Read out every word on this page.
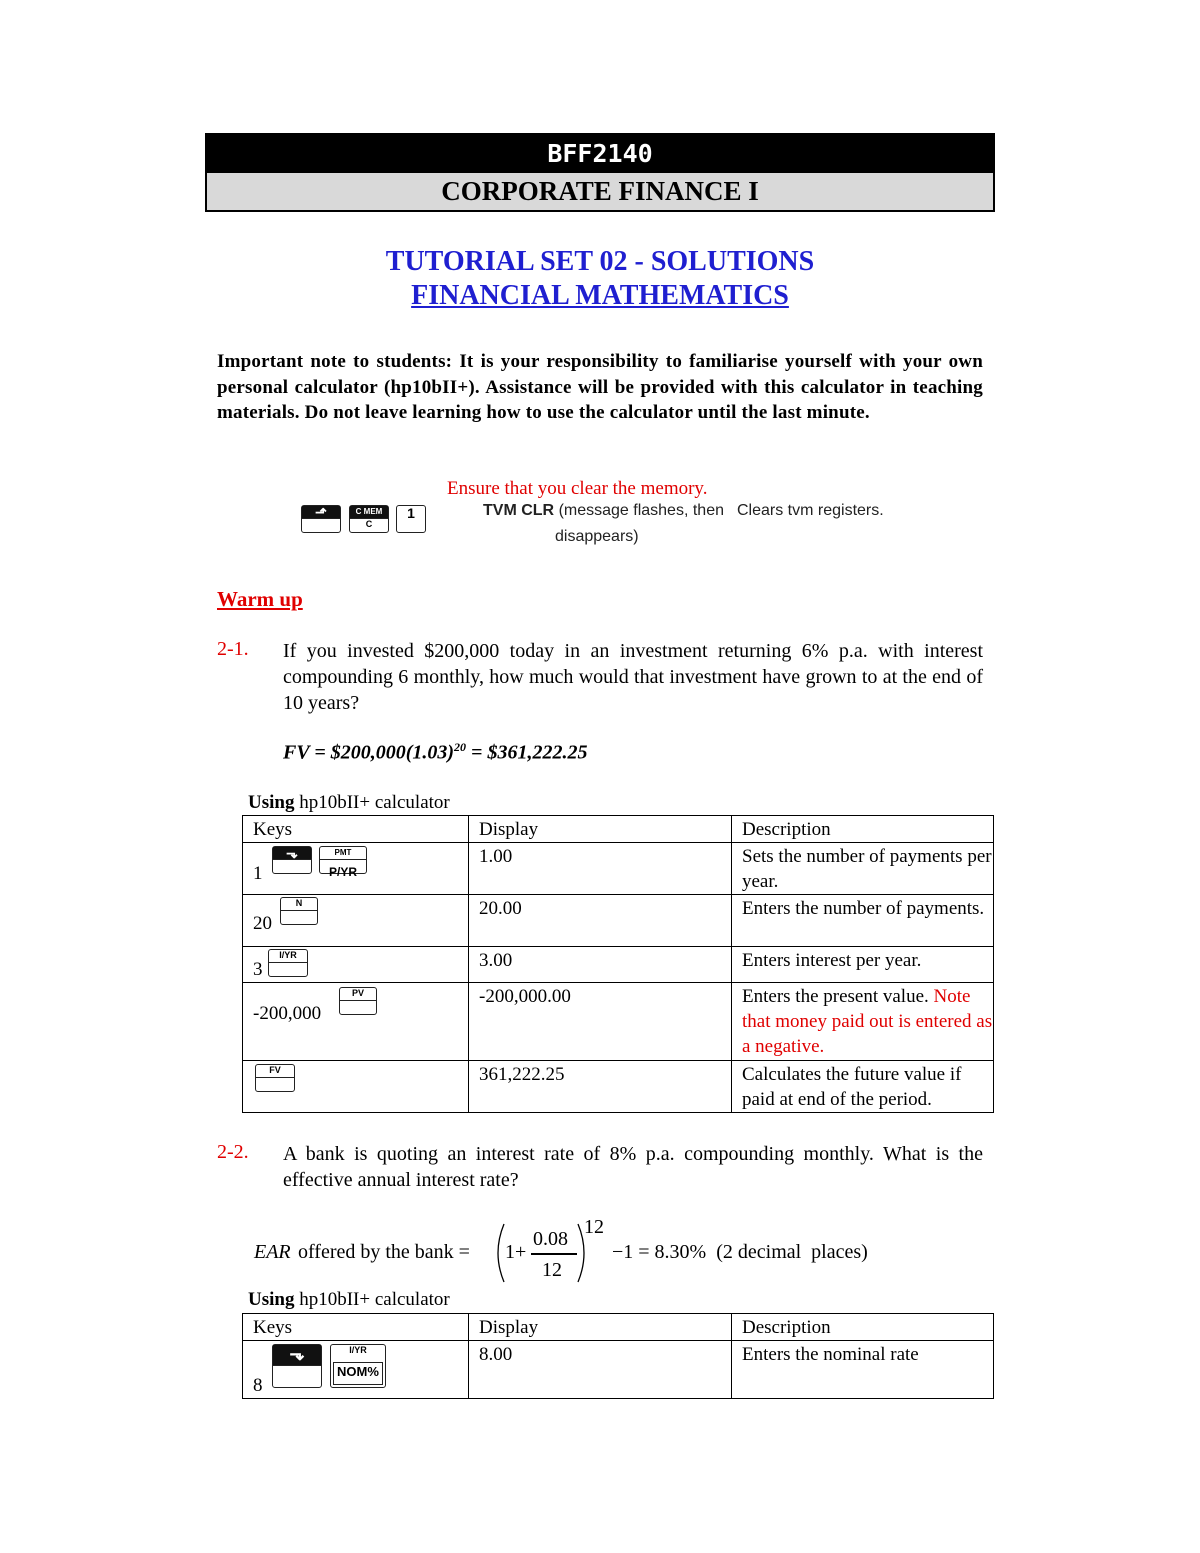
BFF2140
CORPORATE FINANCE I
TUTORIAL SET 02 - SOLUTIONS
FINANCIAL MATHEMATICS
Important note to students: It is your responsibility to familiarise yourself with your own personal calculator (hp10bII+). Assistance will be provided with this calculator in teaching materials. Do not leave learning how to use the calculator until the last minute.
Ensure that you clear the memory.
⬏	C MEM
C
1	TVM CLR (message flashes, then Clears tvm registers.
disappears)
Warm up
2-1. If you invested $200,000 today in an investment returning 6% p.a. with interest compounding 6 monthly, how much would that investment have grown to at the end of 10 years?
FV = $\$200,000(1.03)^{20}$ = $361,222.25
Using hp10bII+ calculator
Keys	Display	Description

1
⬎ PMT
P/YR	1.00	Sets the number of payments per year.

20
N	20.00	Enters the number of payments.

3
I/YR	3.00	Enters interest per year.

-200,000
PV	-200,000.00	Enters the present value. Note that money paid out is entered as a negative.

FV	361,222.25	Calculates the future value if paid at end of the period.
2-2. A bank is quoting an interest rate of 8% p.a. compounding monthly. What is the effective annual interest rate?
EAR offered by the bank = 1+
0.08
12
12
−1 = 8.30%  (2 decimal  places)
Using hp10bII+ calculator
Keys	Display	Description

8
⬎ I/YR
NOM%	8.00	Enters the nominal rate
